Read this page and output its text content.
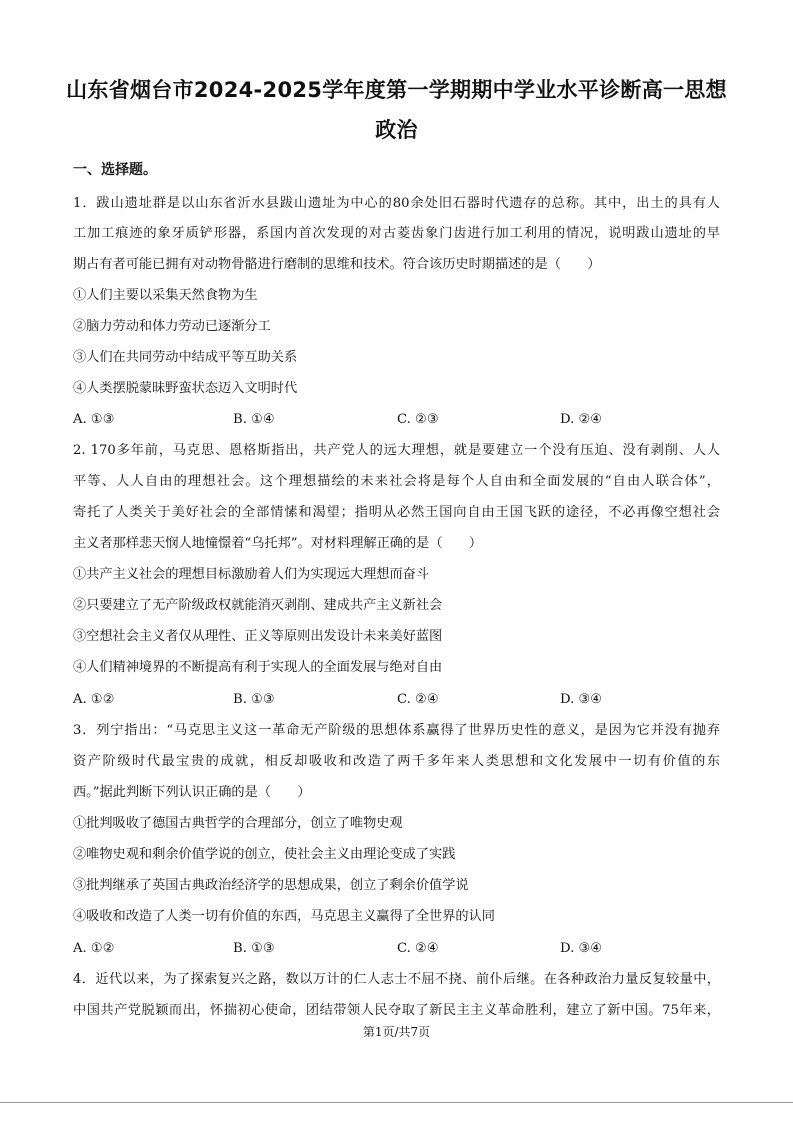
山东省烟台市2024-2025学年度第一学期期中学业水平诊断高一思想
政治
一、选择题。
1．跋山遗址群是以山东省沂水县跋山遗址为中心的80余处旧石器时代遗存的总称。其中，出土的具有人
工加工痕迹的象牙质铲形器，系国内首次发现的对古菱齿象门齿进行加工利用的情况，说明跋山遗址的早
期占有者可能已拥有对动物骨骼进行磨制的思维和技术。符合该历史时期描述的是（　　）
①人们主要以采集天然食物为生
②脑力劳动和体力劳动已逐渐分工
③人们在共同劳动中结成平等互助关系
④人类摆脱蒙昧野蛮状态迈入文明时代
A. ①③	B. ①④	C. ②③	D. ②④
2. 170多年前，马克思、恩格斯指出，共产党人的远大理想，就是要建立一个没有压迫、没有剥削、人人
平等、人人自由的理想社会。这个理想描绘的未来社会将是每个人自由和全面发展的“自由人联合体”，
寄托了人类关于美好社会的全部情愫和渴望；指明从必然王国向自由王国飞跃的途径，不必再像空想社会
主义者那样悲天悯人地憧憬着“乌托邦”。对材料理解正确的是（　　）
①共产主义社会的理想目标激励着人们为实现远大理想而奋斗
②只要建立了无产阶级政权就能消灭剥削、建成共产主义新社会
③空想社会主义者仅从理性、正义等原则出发设计未来美好蓝图
④人们精神境界的不断提高有利于实现人的全面发展与绝对自由
A. ①②	B. ①③	C. ②④	D. ③④
3．列宁指出：“马克思主义这一革命无产阶级的思想体系赢得了世界历史性的意义，是因为它并没有抛弃
资产阶级时代最宝贵的成就，相反却吸收和改造了两千多年来人类思想和文化发展中一切有价值的东
西。”据此判断下列认识正确的是（　　）
①批判吸收了德国古典哲学的合理部分，创立了唯物史观
②唯物史观和剩余价值学说的创立，使社会主义由理论变成了实践
③批判继承了英国古典政治经济学的思想成果，创立了剩余价值学说
④吸收和改造了人类一切有价值的东西，马克思主义赢得了全世界的认同
A. ①②	B. ①③	C. ②④	D. ③④
4．近代以来，为了探索复兴之路，数以万计的仁人志士不屈不挠、前仆后继。在各种政治力量反复较量中，
中国共产党脱颖而出，怀揣初心使命，团结带领人民夺取了新民主主义革命胜利，建立了新中国。75年来，
第1页/共7页
